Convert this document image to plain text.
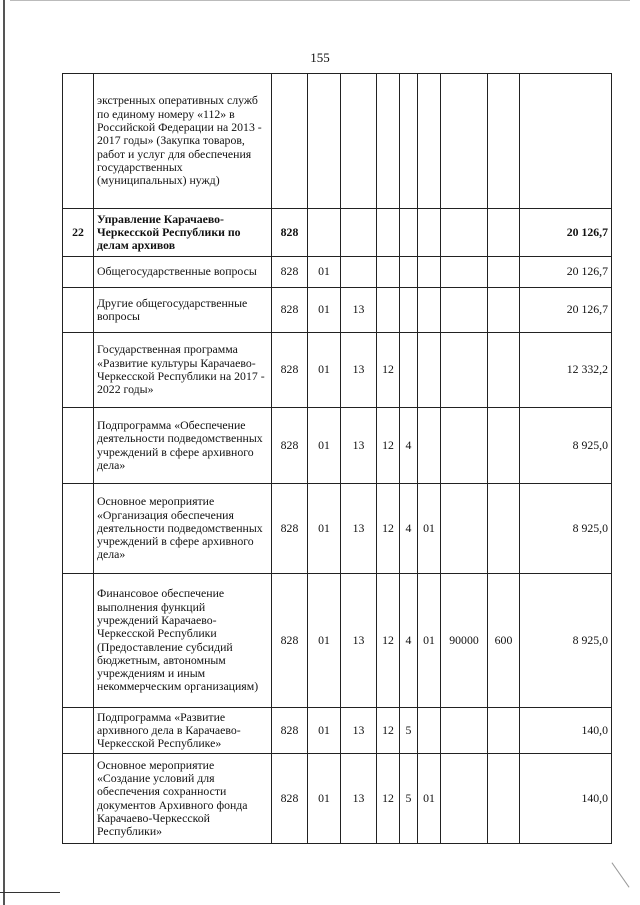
155
	экстренных оперативных служб по единому номеру «112» в Российской Федерации на 2013 - 2017 годы» (Закупка товаров, работ и услуг для обеспечения государственных (муниципальных) нужд)									
22	Управление Карачаево-Черкесской Республики по делам архивов	828								20 126,7
	Общегосударственные вопросы	828	01							20 126,7
	Другие общегосударственные вопросы	828	01	13						20 126,7
	Государственная программа «Развитие культуры Карачаево-Черкесской Республики на 2017 - 2022 годы»	828	01	13	12					12 332,2
	Подпрограмма «Обеспечение деятельности подведомственных учреждений в сфере архивного дела»	828	01	13	12	4				8 925,0
	Основное мероприятие «Организация обеспечения деятельности подведомственных учреждений в сфере архивного дела»	828	01	13	12	4	01			8 925,0
	Финансовое обеспечение выполнения функций учреждений Карачаево-Черкесской Республики (Предоставление субсидий бюджетным, автономным учреждениям и иным некоммерческим организациям)	828	01	13	12	4	01	90000	600	8 925,0
	Подпрограмма «Развитие архивного дела в Карачаево-Черкесской Республике»	828	01	13	12	5				140,0
	Основное мероприятие «Создание условий для обеспечения сохранности документов Архивного фонда Карачаево-Черкесской Республики»	828	01	13	12	5	01			140,0
